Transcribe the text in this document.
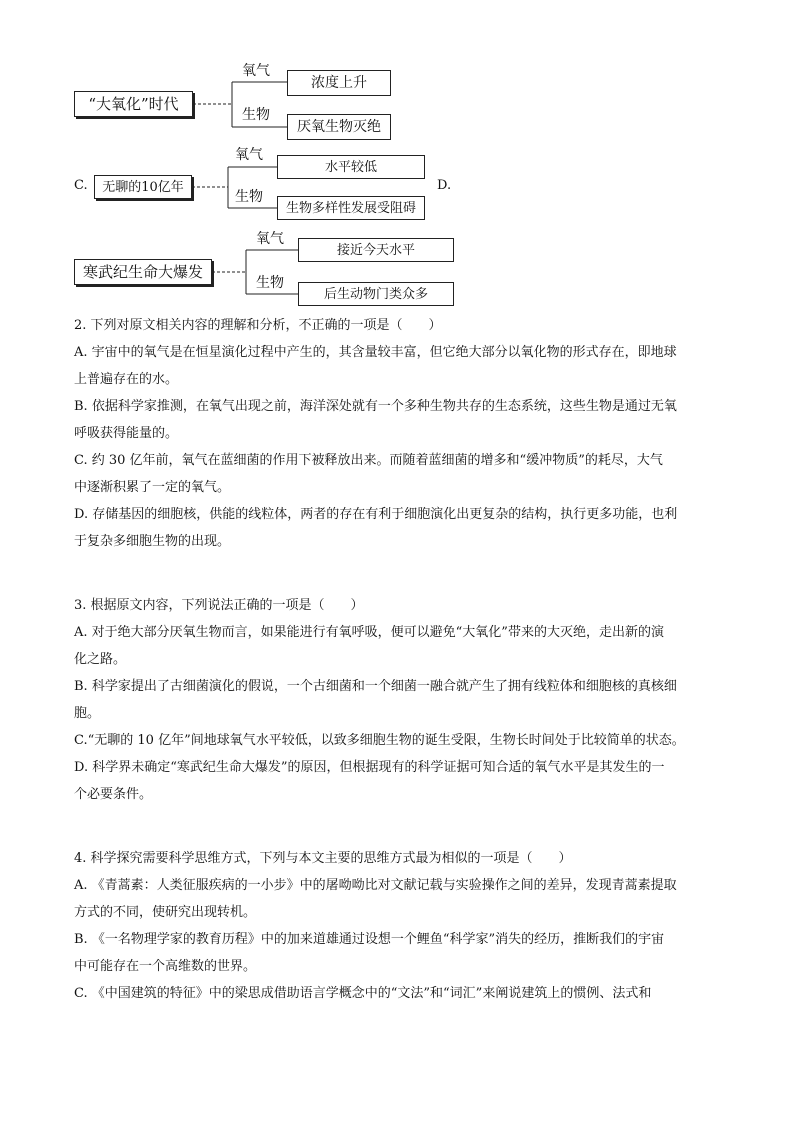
“大氧化”时代
氧气
浓度上升
生物
厌氧生物灭绝
C.	无聊的10亿年
氧气
水平较低
生物
生物多样性发展受阻碍
D.
寒武纪生命大爆发
氧气
接近今天水平
生物
后生动物门类众多
2. 下列对原文相关内容的理解和分析，不正确的一项是（　　）
A. 宇宙中的氧气是在恒星演化过程中产生的，其含量较丰富，但它绝大部分以氧化物的形式存在，即地球
上普遍存在的水。
B. 依据科学家推测，在氧气出现之前，海洋深处就有一个多种生物共存的生态系统，这些生物是通过无氧
呼吸获得能量的。
C. 约 30 亿年前，氧气在蓝细菌的作用下被释放出来。而随着蓝细菌的增多和“缓冲物质”的耗尽，大气
中逐渐积累了一定的氧气。
D. 存储基因的细胞核，供能的线粒体，两者的存在有利于细胞演化出更复杂的结构，执行更多功能，也利
于复杂多细胞生物的出现。
3. 根据原文内容，下列说法正确的一项是（　　）
A. 对于绝大部分厌氧生物而言，如果能进行有氧呼吸，便可以避免“大氧化”带来的大灭绝，走出新的演
化之路。
B. 科学家提出了古细菌演化的假说，一个古细菌和一个细菌一融合就产生了拥有线粒体和细胞核的真核细
胞。
C.“无聊的 10 亿年”间地球氧气水平较低，以致多细胞生物的诞生受限，生物长时间处于比较简单的状态。
D. 科学界未确定“寒武纪生命大爆发”的原因，但根据现有的科学证据可知合适的氧气水平是其发生的一
个必要条件。
4. 科学探究需要科学思维方式，下列与本文主要的思维方式最为相似的一项是（　　）
A. 《青蒿素：人类征服疾病的一小步》中的屠呦呦比对文献记载与实验操作之间的差异，发现青蒿素提取
方式的不同，使研究出现转机。
B. 《一名物理学家的教育历程》中的加来道雄通过设想一个鲤鱼“科学家”消失的经历，推断我们的宇宙
中可能存在一个高维数的世界。
C. 《中国建筑的特征》中的梁思成借助语言学概念中的“文法”和“词汇”来阐说建筑上的惯例、法式和
